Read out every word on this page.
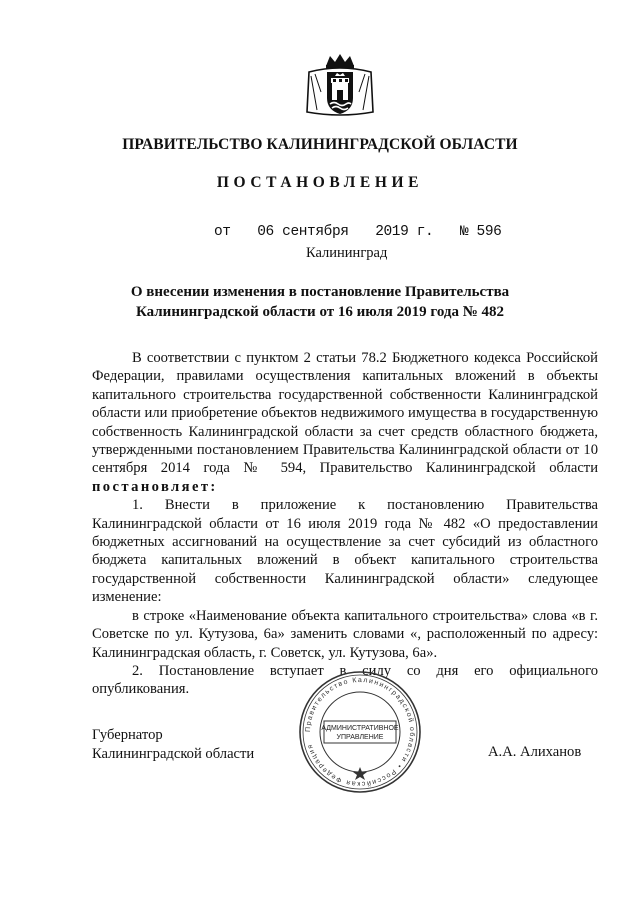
ПРАВИТЕЛЬСТВО КАЛИНИНГРАДСКОЙ ОБЛАСТИ
ПОСТАНОВЛЕНИЕ
от 06 сентября 2019 г. № 596
Калининград
О внесении изменения в постановление Правительства
Калининградской области от 16 июля 2019 года № 482

В соответствии с пунктом 2 статьи 78.2 Бюджетного кодекса Российской Федерации, правилами осуществления капитальных вложений в объекты капитального строительства государственной собственности Калининградской области или приобретение объектов недвижимого имущества в государственную собственность Калининградской области за счет средств областного бюджета, утвержденными постановлением Правительства Калининградской области от 10 сентября 2014 года № 594, Правительство Калининградской области постановляет:

1. Внести в приложение к постановлению Правительства Калининградской области от 16 июля 2019 года № 482 «О предоставлении бюджетных ассигнований на осуществление за счет субсидий из областного бюджета капитальных вложений в объект капитального строительства государственной собственности Калининградской области» следующее изменение:

в строке «Наименование объекта капитального строительства» слова «в г. Советске по ул. Кутузова, 6а» заменить словами «, расположенный по адресу: Калининградская область, г. Советск, ул. Кутузова, 6а».

2. Постановление вступает в силу со дня его официального опубликования.

Губернатор
Калининградской области	А.А. Алиханов
Правительство Калининградской области • Российская Федерация
АДМИНИСТРАТИВНОЕ
УПРАВЛЕНИЕ
